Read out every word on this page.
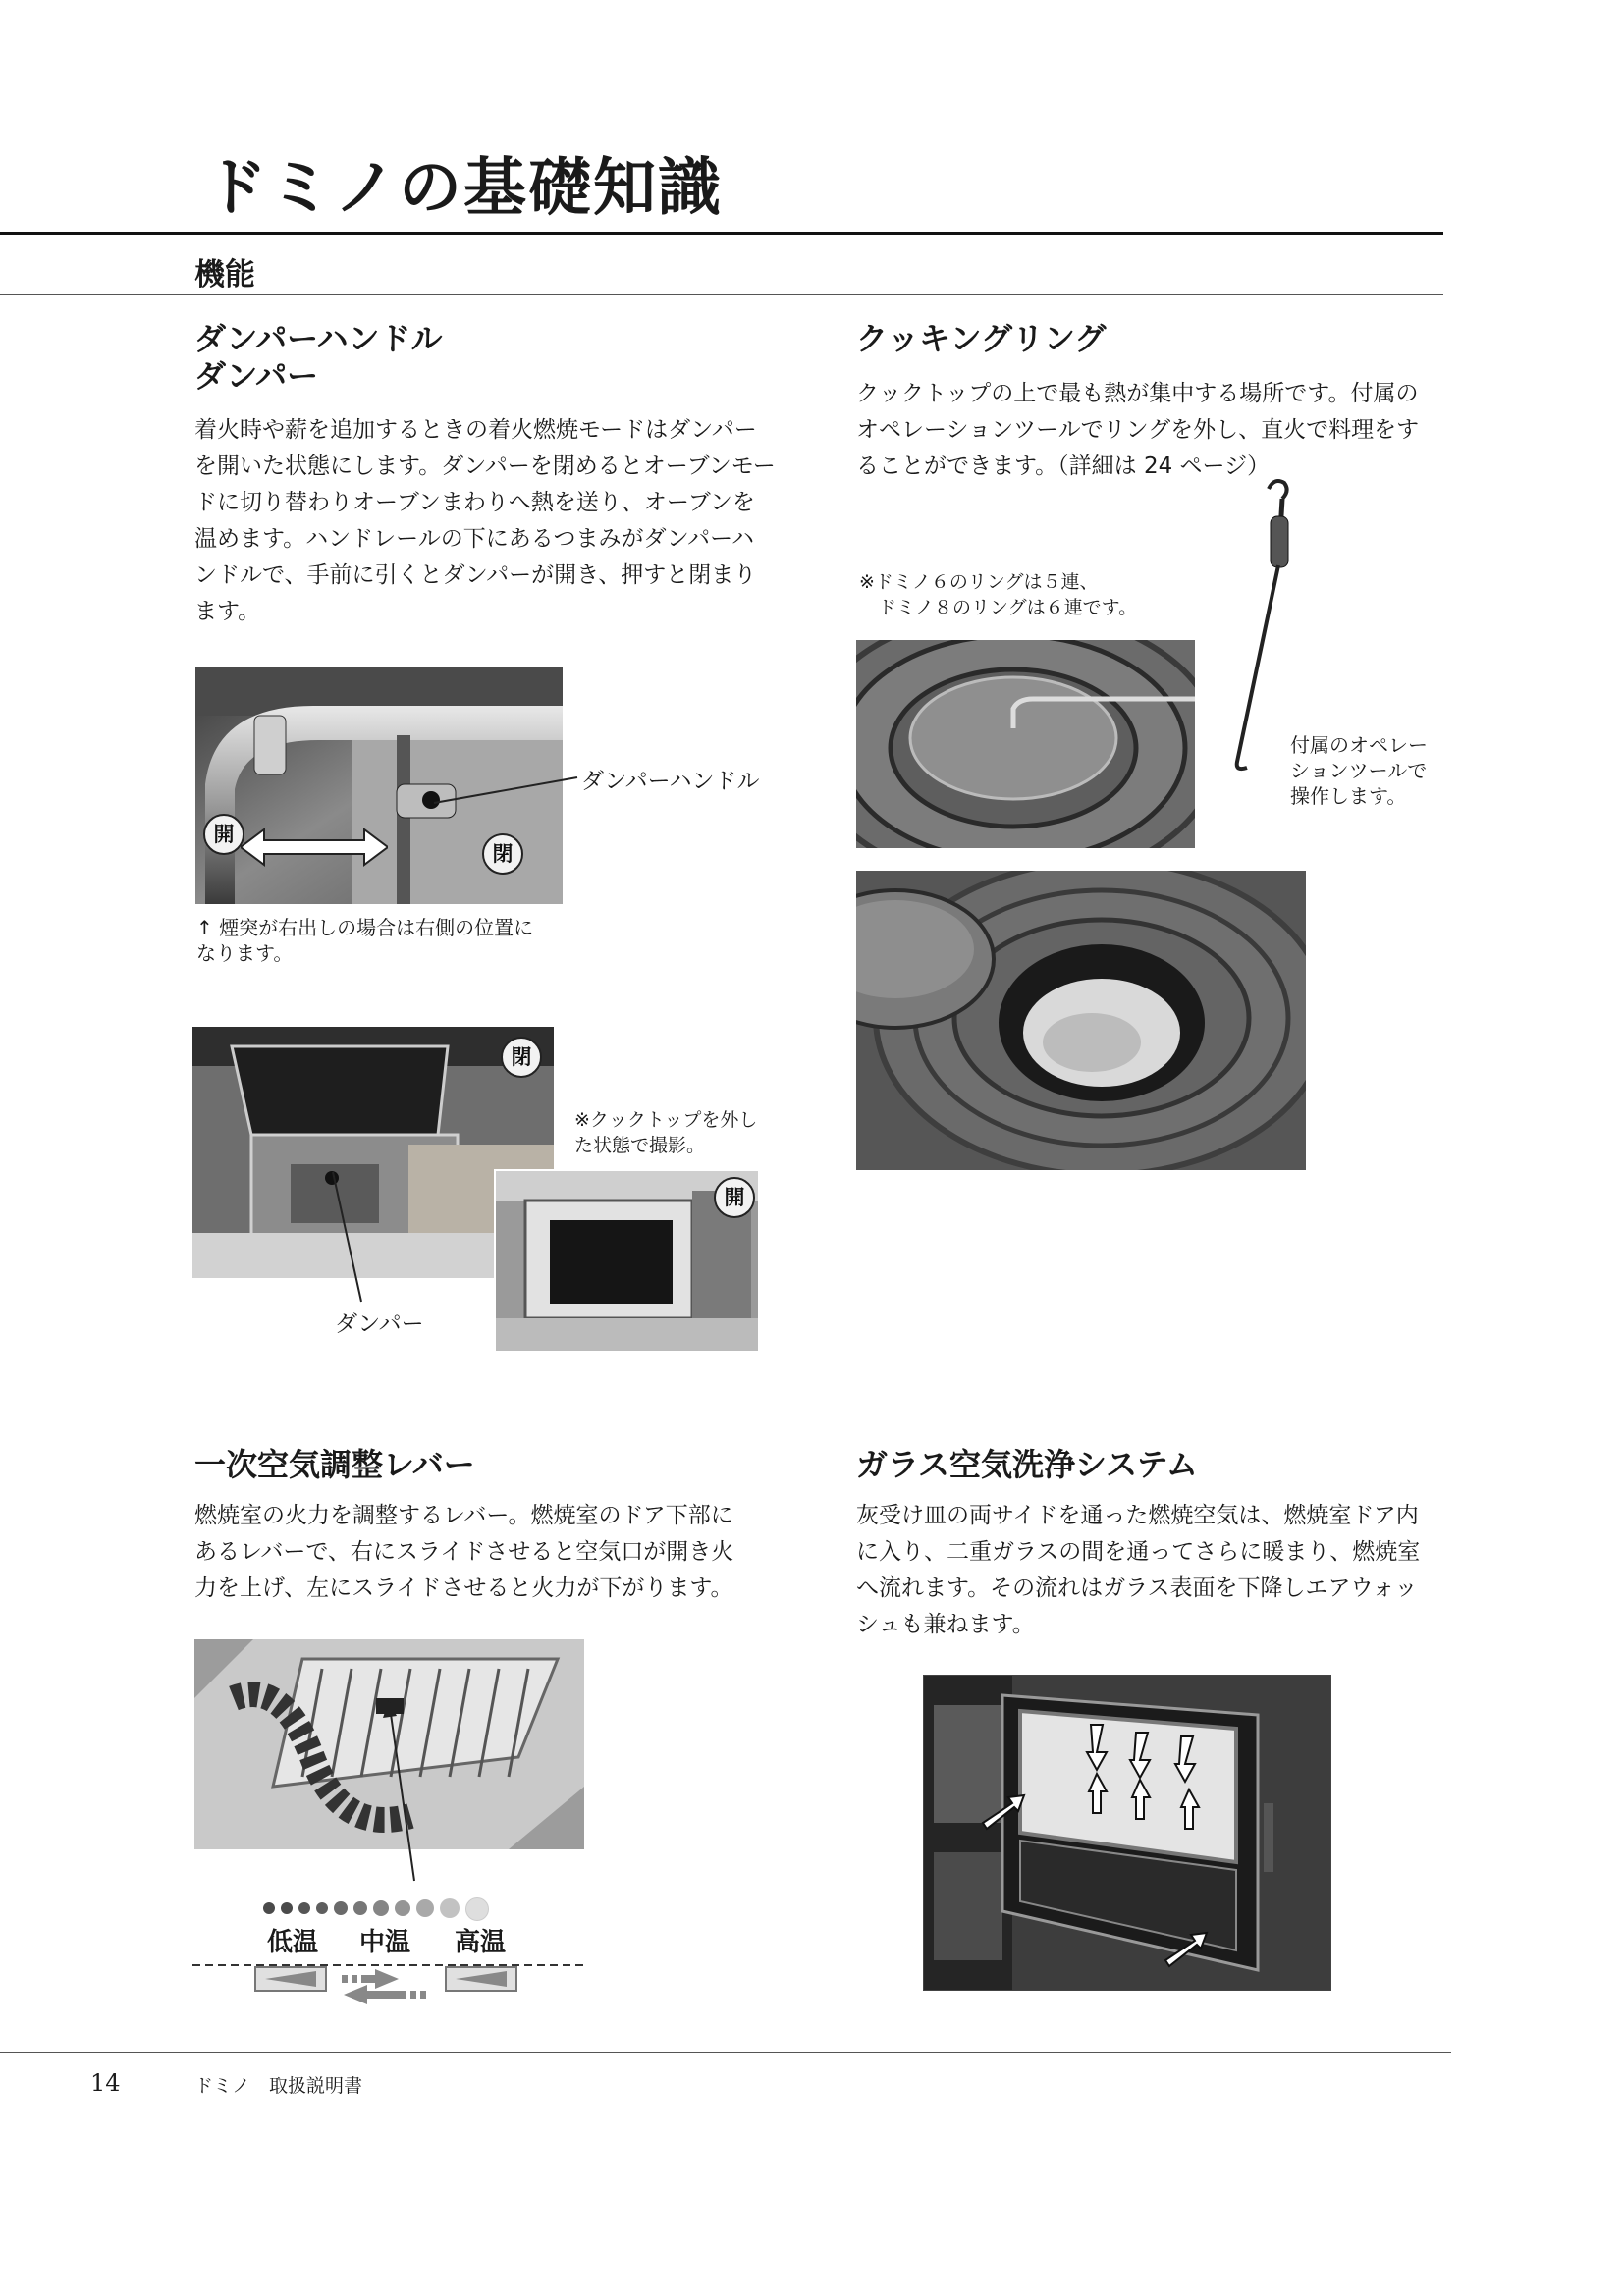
ドミノの基礎知識
機能
ダンパーハンドル
ダンパー
着火時や薪を追加するときの着火燃焼モードはダンパー
を開いた状態にします。ダンパーを閉めるとオーブンモー
ドに切り替わりオーブンまわりへ熱を送り、オーブンを
温めます。ハンドレールの下にあるつまみがダンパーハ
ンドルで、手前に引くとダンパーが開き、押すと閉まり
ます。
開
閉
ダンパーハンドル
↑ 煙突が右出しの場合は右側の位置に
なります。
閉
※クックトップを外し
た状態で撮影。
開
ダンパー
クッキングリング
クックトップの上で最も熱が集中する場所です。付属の
オペレーションツールでリングを外し、直火で料理をす
ることができます。（詳細は 24 ページ）
※ドミノ６のリングは５連、
　ドミノ８のリングは６連です。
付属のオペレー
ションツールで
操作します。
一次空気調整レバー
燃焼室の火力を調整するレバー。燃焼室のドア下部に
あるレバーで、右にスライドさせると空気口が開き火
力を上げ、左にスライドさせると火力が下がります。
低温 中温 高温
ガラス空気洗浄システム
灰受け皿の両サイドを通った燃焼空気は、燃焼室ドア内
に入り、二重ガラスの間を通ってさらに暖まり、燃焼室
へ流れます。その流れはガラス表面を下降しエアウォッ
シュも兼ねます。
14	ドミノ　取扱説明書
